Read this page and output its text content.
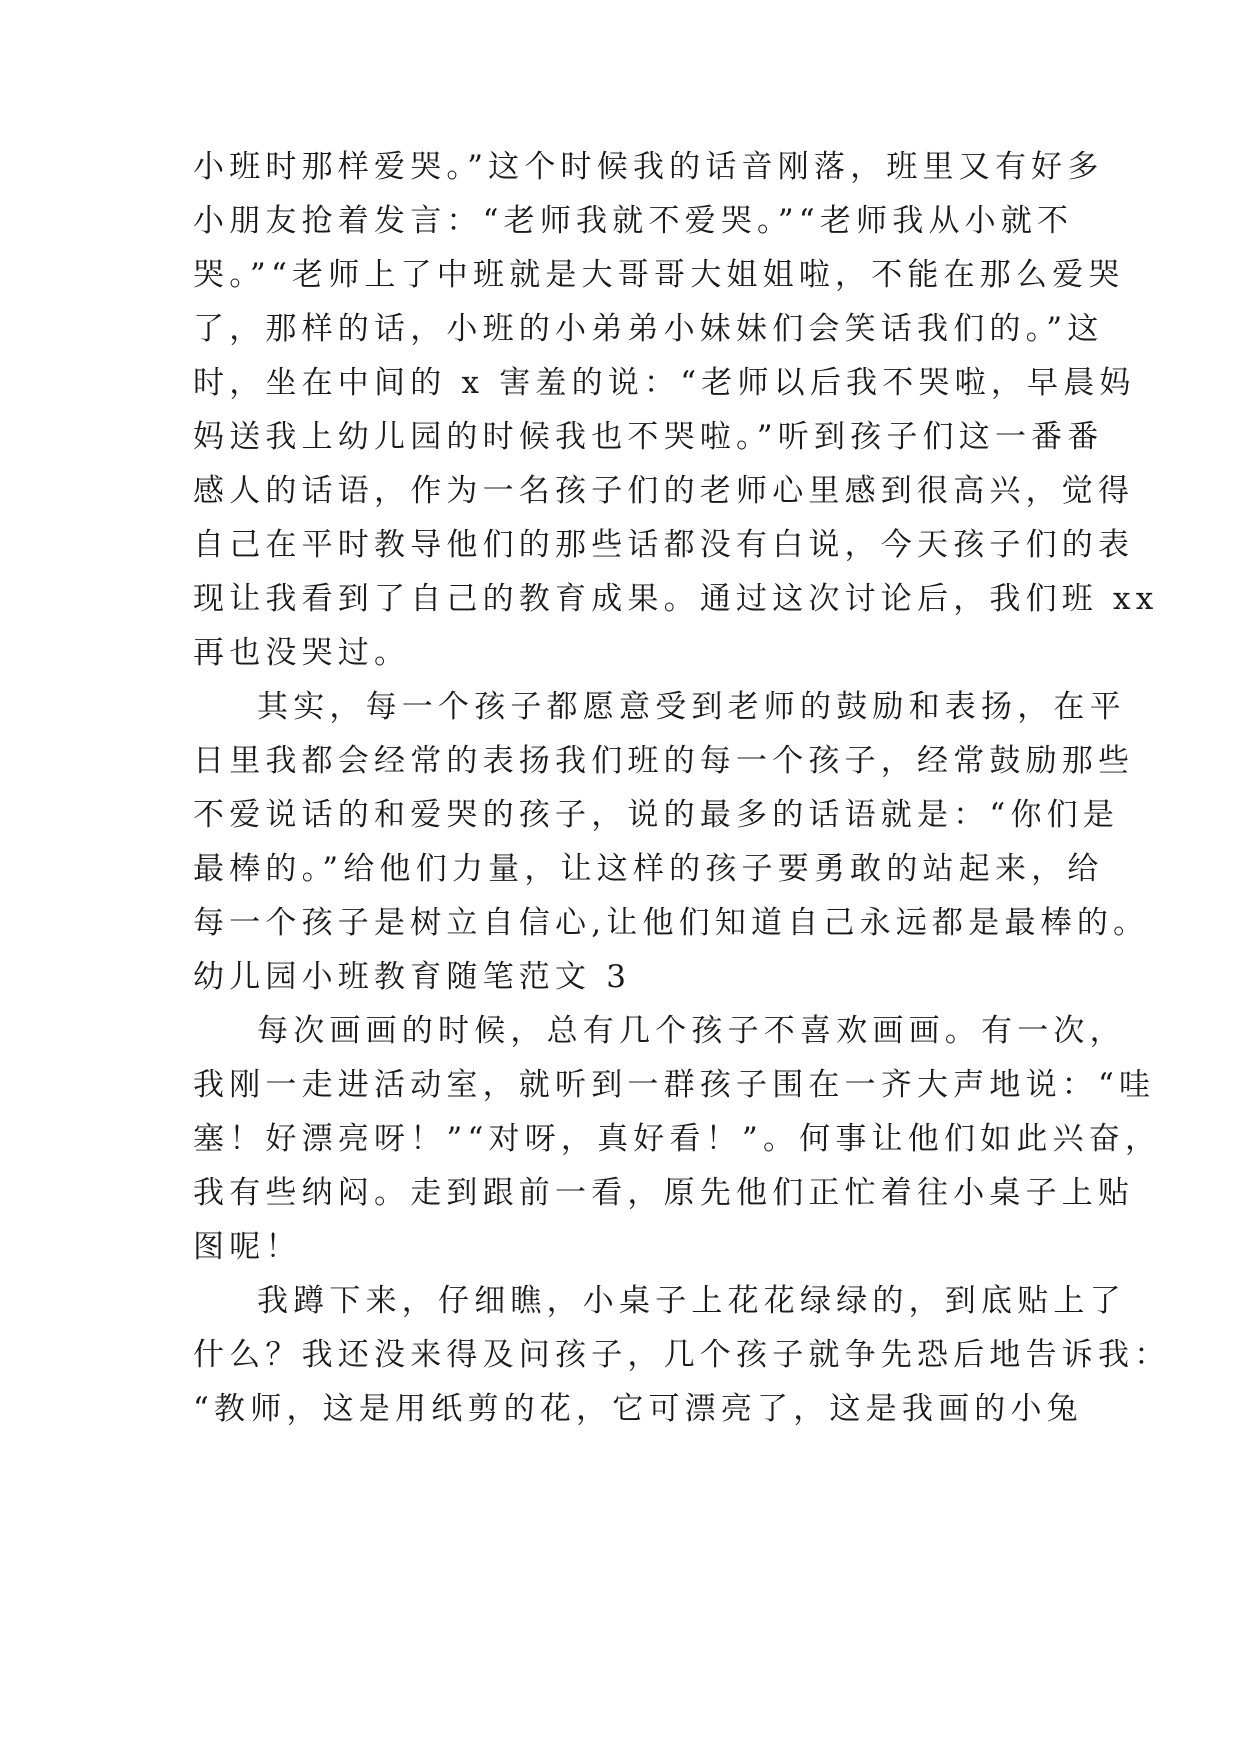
小班时那样爱哭。”这个时候我的话音刚落，班里又有好多
小朋友抢着发言：“老师我就不爱哭。”“老师我从小就不
哭。”“老师上了中班就是大哥哥大姐姐啦，不能在那么爱哭
了，那样的话，小班的小弟弟小妹妹们会笑话我们的。”这
时，坐在中间的 x 害羞的说：“老师以后我不哭啦，早晨妈
妈送我上幼儿园的时候我也不哭啦。”听到孩子们这一番番
感人的话语，作为一名孩子们的老师心里感到很高兴，觉得
自己在平时教导他们的那些话都没有白说，今天孩子们的表
现让我看到了自己的教育成果。通过这次讨论后，我们班 xx
再也没哭过。
其实，每一个孩子都愿意受到老师的鼓励和表扬，在平
日里我都会经常的表扬我们班的每一个孩子，经常鼓励那些
不爱说话的和爱哭的孩子，说的最多的话语就是：“你们是
最棒的。”给他们力量，让这样的孩子要勇敢的站起来，给
每一个孩子是树立自信心,让他们知道自己永远都是最棒的。
幼儿园小班教育随笔范文 3
每次画画的时候，总有几个孩子不喜欢画画。有一次，
我刚一走进活动室，就听到一群孩子围在一齐大声地说：“哇
塞！好漂亮呀！”“对呀，真好看！”。何事让他们如此兴奋，
我有些纳闷。走到跟前一看，原先他们正忙着往小桌子上贴
图呢！
我蹲下来，仔细瞧，小桌子上花花绿绿的，到底贴上了
什么？我还没来得及问孩子，几个孩子就争先恐后地告诉我：
“教师，这是用纸剪的花，它可漂亮了，这是我画的小兔
